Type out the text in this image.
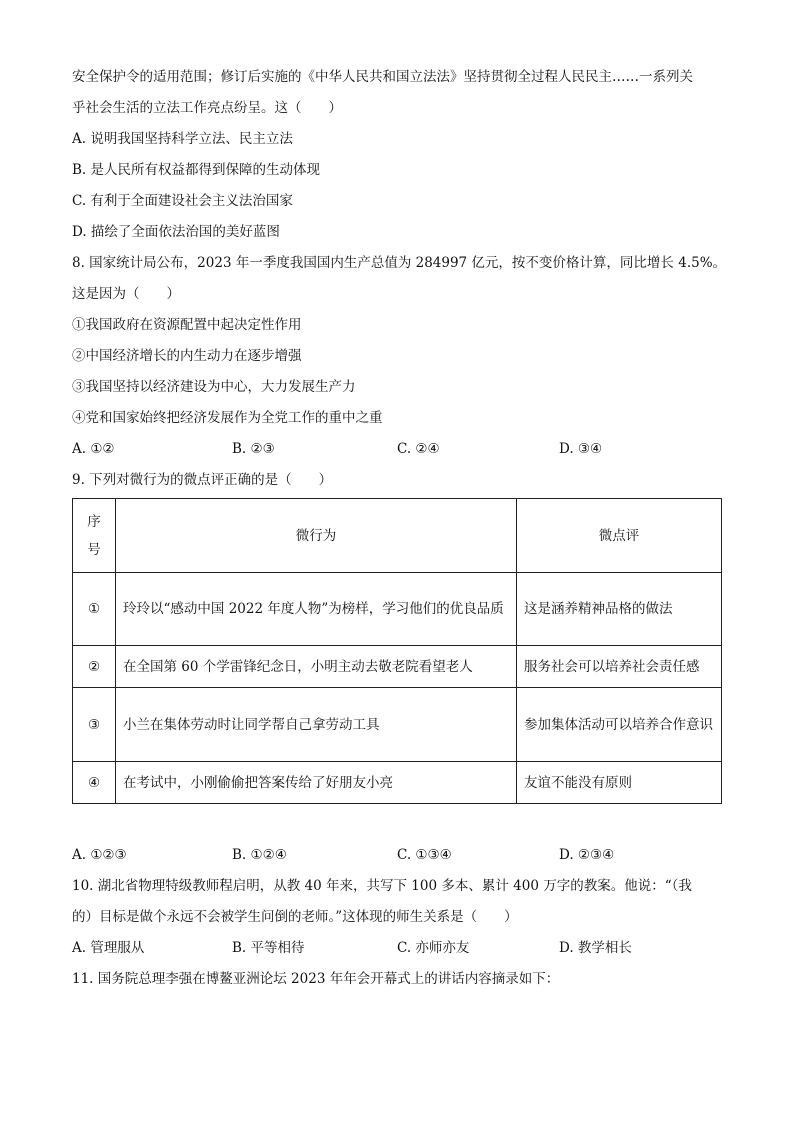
安全保护令的适用范围；修订后实施的《中华人民共和国立法法》坚持贯彻全过程人民民主……一系列关
乎社会生活的立法工作亮点纷呈。这（　　）
A. 说明我国坚持科学立法、民主立法
B. 是人民所有权益都得到保障的生动体现
C. 有利于全面建设社会主义法治国家
D. 描绘了全面依法治国的美好蓝图
8. 国家统计局公布，2023 年一季度我国国内生产总值为 284997 亿元，按不变价格计算，同比增长 4.5%。
这是因为（　　）
①我国政府在资源配置中起决定性作用
②中国经济增长的内生动力在逐步增强
③我国坚持以经济建设为中心，大力发展生产力
④党和国家始终把经济发展作为全党工作的重中之重
A. ①②	B. ②③	C. ②④	D. ③④
9. 下列对微行为的微点评正确的是（　　）
序
号	微行为	微点评
①	玲玲以“感动中国 2022 年度人物”为榜样，学习他们的优良品质	这是涵养精神品格的做法
②	在全国第 60 个学雷锋纪念日，小明主动去敬老院看望老人	服务社会可以培养社会责任感
③	小兰在集体劳动时让同学帮自己拿劳动工具	参加集体活动可以培养合作意识
④	在考试中，小刚偷偷把答案传给了好朋友小亮	友谊不能没有原则
A. ①②③	B. ①②④	C. ①③④	D. ②③④
10. 湖北省物理特级教师程启明，从教 40 年来，共写下 100 多本、累计 400 万字的教案。他说：“（我
的）目标是做个永远不会被学生问倒的老师。”这体现的师生关系是（　　）
A. 管理服从	B. 平等相待	C. 亦师亦友	D. 教学相长
11. 国务院总理李强在博鳌亚洲论坛 2023 年年会开幕式上的讲话内容摘录如下：
